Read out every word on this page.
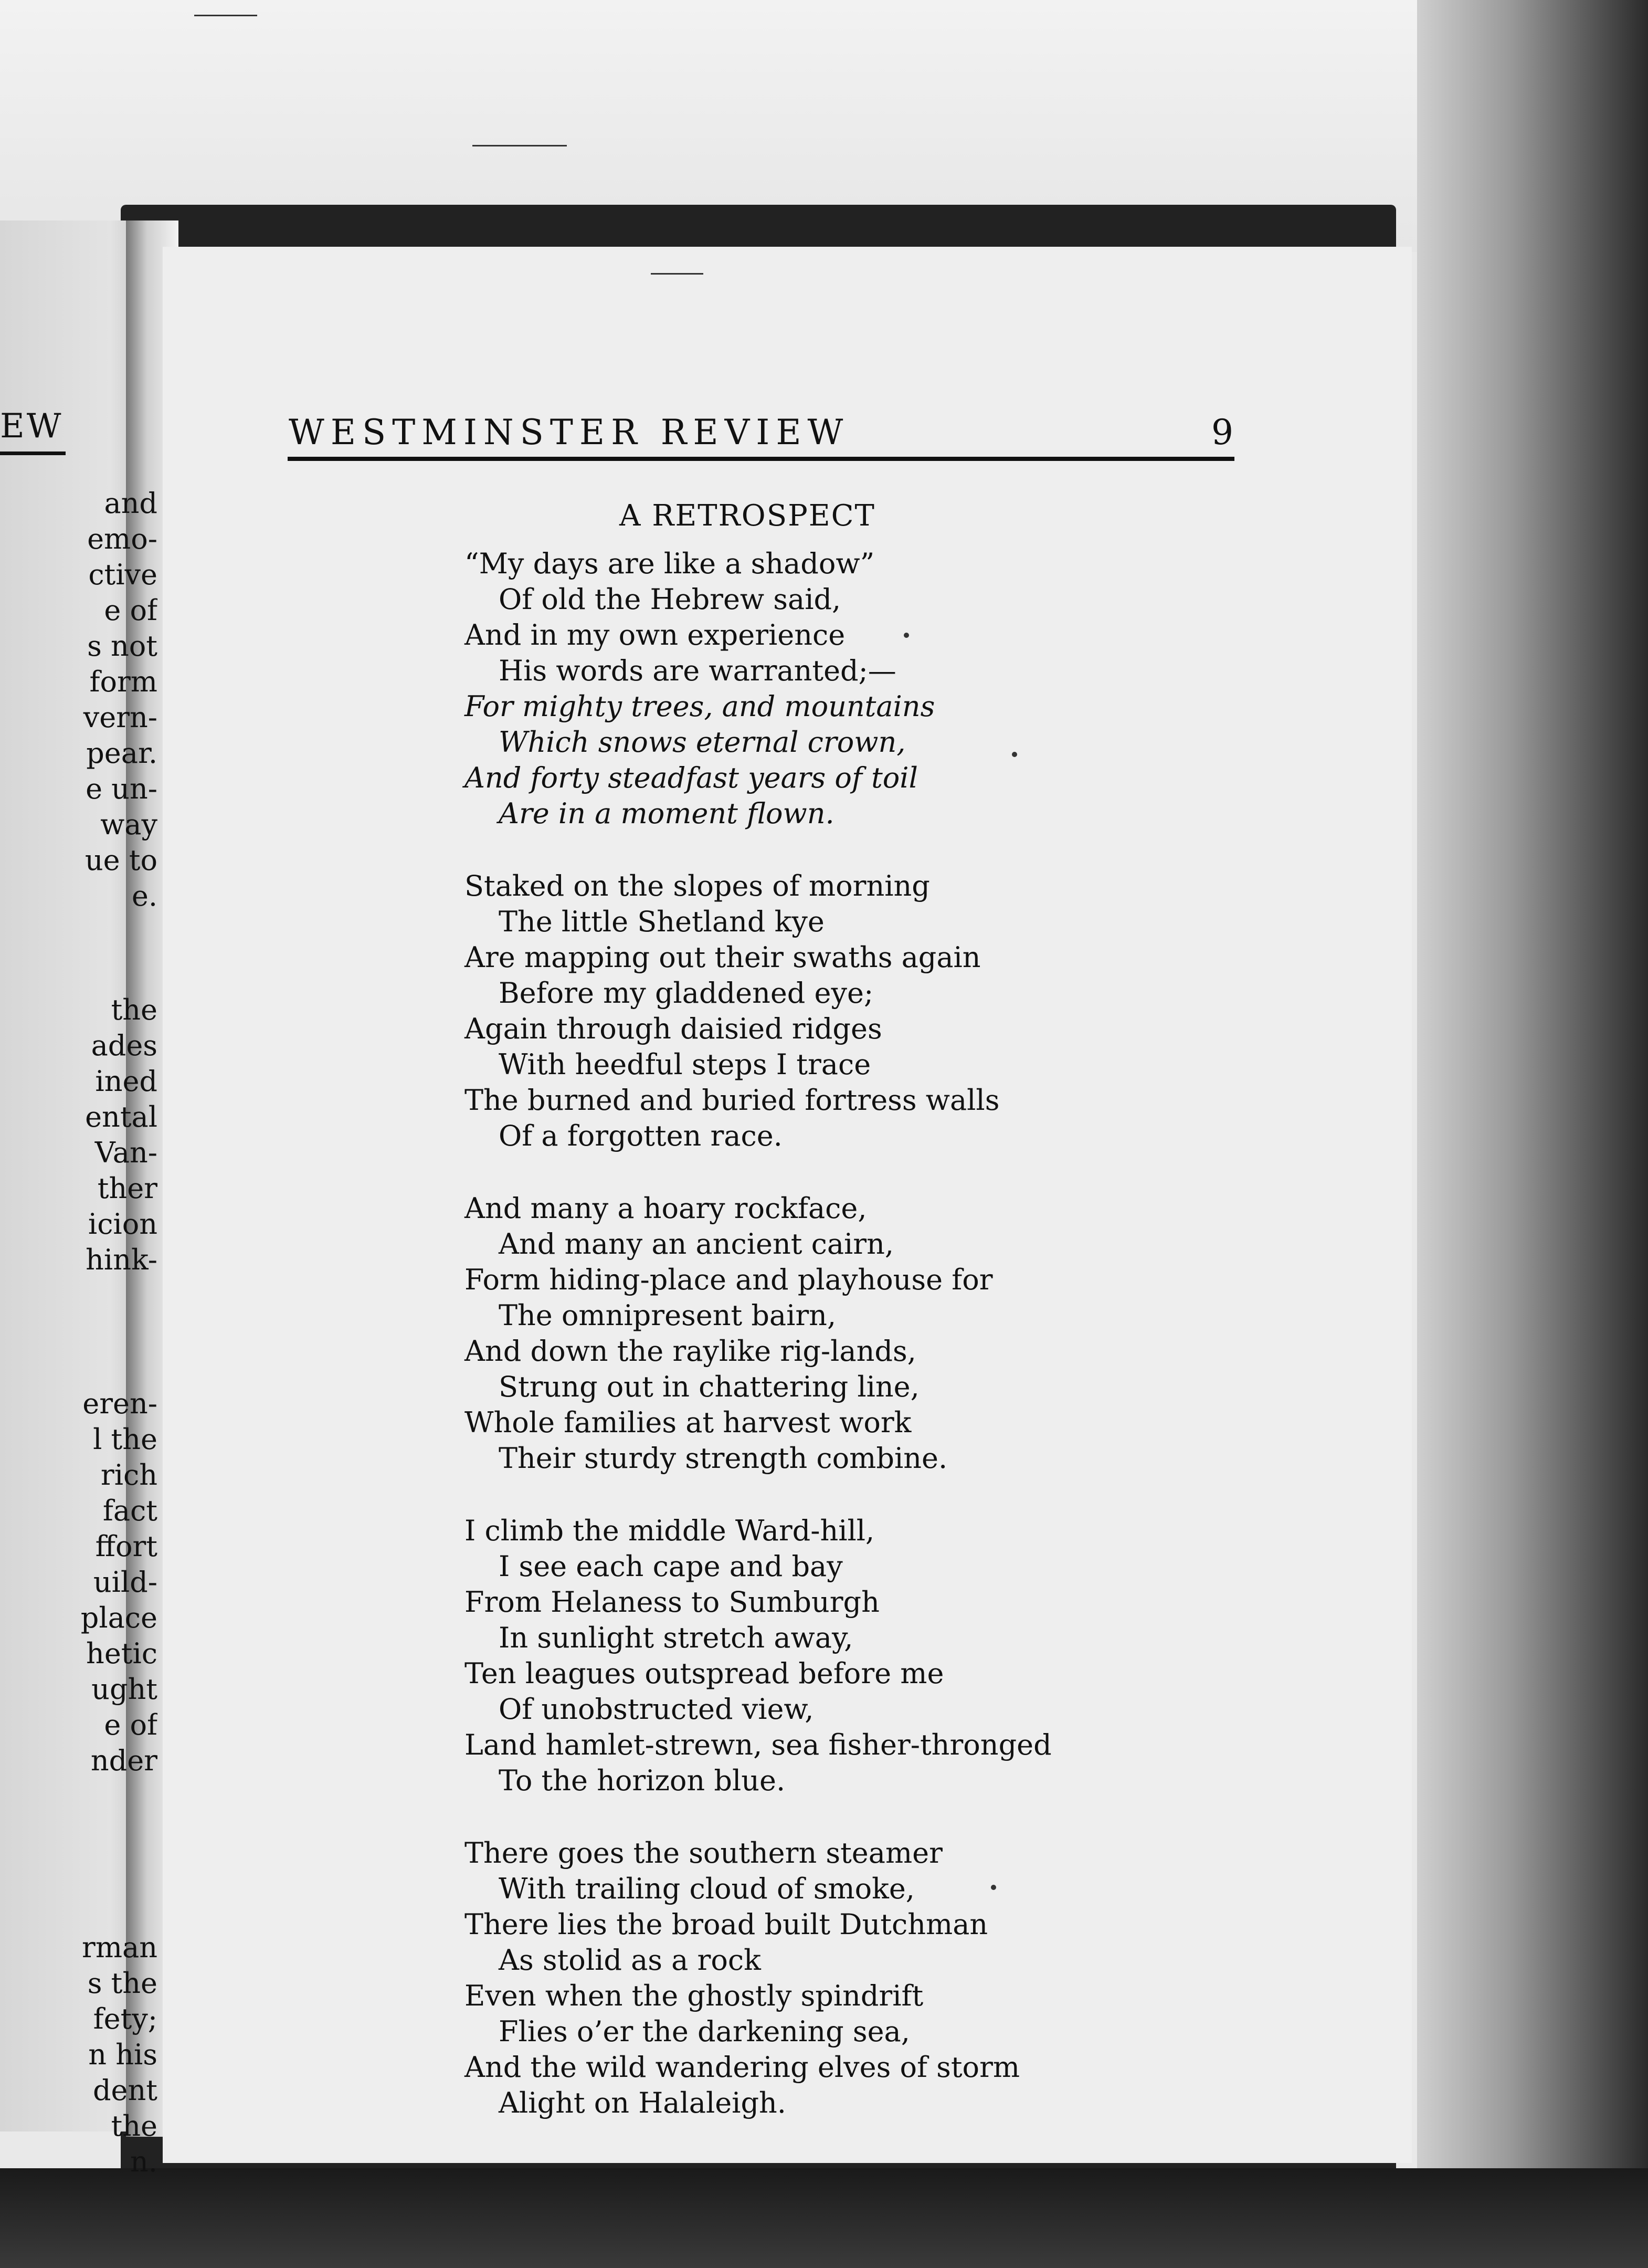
EW
and
emo-
ctive
e of
s not
form
vern-
pear.
e un-
way
ue to
e.
the
ades
ined
ental
Van-
ther
icion
hink-
eren-
l the
rich
fact
ffort
uild-
place
hetic
ught
e of
nder
rman
s the
fety;
n his
dent
the
n.
WESTMINSTER REVIEW	9
A RETROSPECT
“My days are like a shadow”
Of old the Hebrew said,
And in my own experience
His words are warranted;—
For mighty trees, and mountains
Which snows eternal crown,
And forty steadfast years of toil
Are in a moment flown.
Staked on the slopes of morning
The little Shetland kye
Are mapping out their swaths again
Before my gladdened eye;
Again through daisied ridges
With heedful steps I trace
The burned and buried fortress walls
Of a forgotten race.
And many a hoary rockface,
And many an ancient cairn,
Form hiding-place and playhouse for
The omnipresent bairn,
And down the raylike rig-lands,
Strung out in chattering line,
Whole families at harvest work
Their sturdy strength combine.
I climb the middle Ward-hill,
I see each cape and bay
From Helaness to Sumburgh
In sunlight stretch away,
Ten leagues outspread before me
Of unobstructed view,
Land hamlet-strewn, sea fisher-thronged
To the horizon blue.
There goes the southern steamer
With trailing cloud of smoke,
There lies the broad built Dutchman
As stolid as a rock
Even when the ghostly spindrift
Flies o’er the darkening sea,
And the wild wandering elves of storm
Alight on Halaleigh.
